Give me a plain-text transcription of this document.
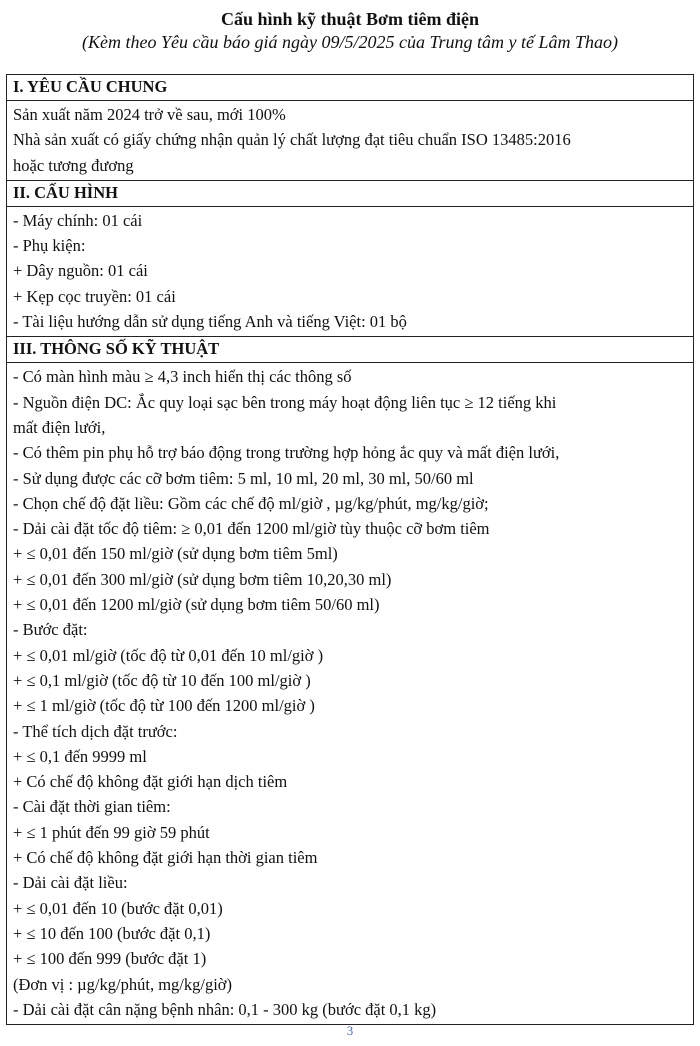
Cấu hình kỹ thuật Bơm tiêm điện
(Kèm theo Yêu cầu báo giá ngày 09/5/2025 của Trung tâm y tế Lâm Thao)
I. YÊU CẦU CHUNG

Sản xuất năm 2024 trở về sau, mới 100%
Nhà sản xuất có giấy chứng nhận quản lý chất lượng đạt tiêu chuẩn ISO 13485:2016
hoặc tương đương

II. CẤU HÌNH

- Máy chính: 01 cái
- Phụ kiện:
+ Dây nguồn: 01 cái
+ Kẹp cọc truyền: 01 cái
- Tài liệu hướng dẫn sử dụng tiếng Anh và tiếng Việt: 01 bộ

III. THÔNG SỐ KỸ THUẬT

- Có màn hình màu ≥ 4,3 inch hiển thị các thông số
- Nguồn điện DC: Ắc quy loại sạc bên trong máy hoạt động liên tục ≥ 12 tiếng khi
mất điện lưới,
- Có thêm pin phụ hỗ trợ báo động trong trường hợp hỏng ắc quy và mất điện lưới,
- Sử dụng được các cỡ bơm tiêm: 5 ml, 10 ml, 20 ml, 30 ml, 50/60 ml
- Chọn chế độ đặt liều: Gồm các chế độ ml/giờ , µg/kg/phút, mg/kg/giờ;
- Dải cài đặt tốc độ tiêm: ≥ 0,01 đến 1200 ml/giờ tùy thuộc cỡ bơm tiêm
+ ≤ 0,01 đến 150 ml/giờ (sử dụng bơm tiêm 5ml)
+ ≤ 0,01 đến 300 ml/giờ (sử dụng bơm tiêm 10,20,30 ml)
+ ≤ 0,01 đến 1200 ml/giờ (sử dụng bơm tiêm 50/60 ml)
- Bước đặt:
+ ≤ 0,01 ml/giờ (tốc độ từ 0,01 đến 10 ml/giờ )
+ ≤ 0,1 ml/giờ (tốc độ từ 10 đến 100 ml/giờ )
+ ≤ 1 ml/giờ (tốc độ từ 100 đến 1200 ml/giờ )
- Thể tích dịch đặt trước:
+ ≤ 0,1 đến 9999 ml
+ Có chế độ không đặt giới hạn dịch tiêm
- Cài đặt thời gian tiêm:
+ ≤ 1 phút đến 99 giờ 59 phút
+ Có chế độ không đặt giới hạn thời gian tiêm
- Dải cài đặt liều:
+ ≤ 0,01 đến 10 (bước đặt 0,01)
+ ≤ 10 đến 100 (bước đặt 0,1)
+ ≤ 100 đến 999 (bước đặt 1)
(Đơn vị : µg/kg/phút, mg/kg/giờ)
- Dải cài đặt cân nặng bệnh nhân: 0,1 - 300 kg (bước đặt 0,1 kg)
3
